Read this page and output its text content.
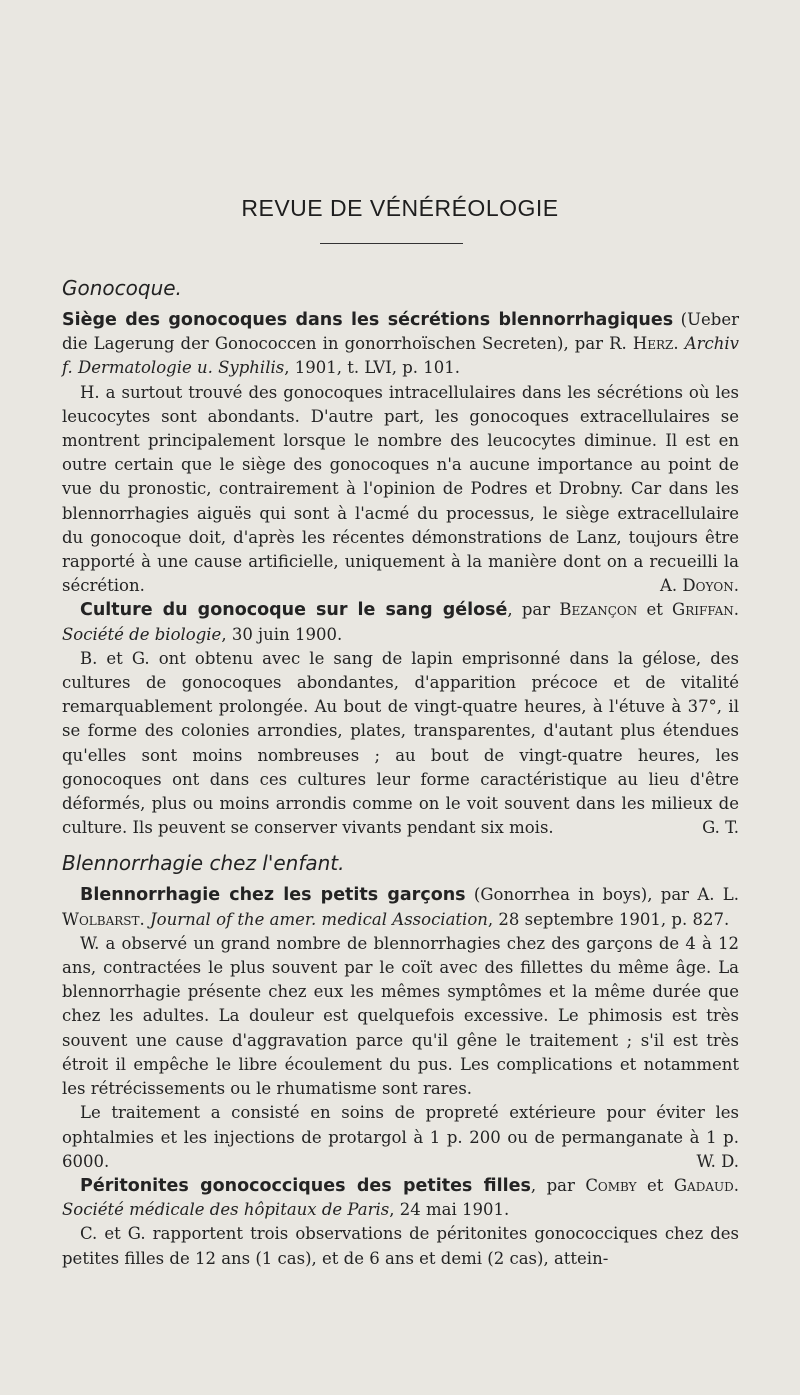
REVUE DE VÉNÉRÉOLOGIE
Gonocoque.

Siège des gonocoques dans les sécrétions blennorrhagiques (Ueber die Lagerung der Gonococcen in gonorrhoïschen Secreten), par R. Herz. Archiv f. Dermatologie u. Syphilis, 1901, t. LVI, p. 101.

H. a surtout trouvé des gonocoques intracellulaires dans les sécrétions où les leucocytes sont abondants. D'autre part, les gonocoques extracellulaires se montrent principalement lorsque le nombre des leucocytes diminue. Il est en outre certain que le siège des gonocoques n'a aucune importance au point de vue du pronostic, contrairement à l'opinion de Podres et Drobny. Car dans les blennorrhagies aiguës qui sont à l'acmé du processus, le siège extracellulaire du gonocoque doit, d'après les récentes démonstrations de Lanz, toujours être rapporté à une cause artificielle, uniquement à la manière dont on a recueilli la sécrétion.	A. Doyon.

Culture du gonocoque sur le sang gélosé, par Bezançon et Griffan. Société de biologie, 30 juin 1900.

B. et G. ont obtenu avec le sang de lapin emprisonné dans la gélose, des cultures de gonocoques abondantes, d'apparition précoce et de vitalité remarquablement prolongée. Au bout de vingt-quatre heures, à l'étuve à 37°, il se forme des colonies arrondies, plates, transparentes, d'autant plus étendues qu'elles sont moins nombreuses ; au bout de vingt-quatre heures, les gonocoques ont dans ces cultures leur forme caractéristique au lieu d'être déformés, plus ou moins arrondis comme on le voit souvent dans les milieux de culture. Ils peuvent se conserver vivants pendant six mois.	G. T.

Blennorrhagie chez l'enfant.

Blennorrhagie chez les petits garçons (Gonorrhea in boys), par A. L. Wolbarst. Journal of the amer. medical Association, 28 septembre 1901, p. 827.

W. a observé un grand nombre de blennorrhagies chez des garçons de 4 à 12 ans, contractées le plus souvent par le coït avec des fillettes du même âge. La blennorrhagie présente chez eux les mêmes symptômes et la même durée que chez les adultes. La douleur est quelquefois excessive. Le phimosis est très souvent une cause d'aggravation parce qu'il gêne le traitement ; s'il est très étroit il empêche le libre écoulement du pus. Les complications et notamment les rétrécissements ou le rhumatisme sont rares.

Le traitement a consisté en soins de propreté extérieure pour éviter les ophtalmies et les injections de protargol à 1 p. 200 ou de permanganate à 1 p. 6000.	W. D.

Péritonites gonococciques des petites filles, par Comby et Gadaud. Société médicale des hôpitaux de Paris, 24 mai 1901.

C. et G. rapportent trois observations de péritonites gonococciques chez des petites filles de 12 ans (1 cas), et de 6 ans et demi (2 cas), attein-
